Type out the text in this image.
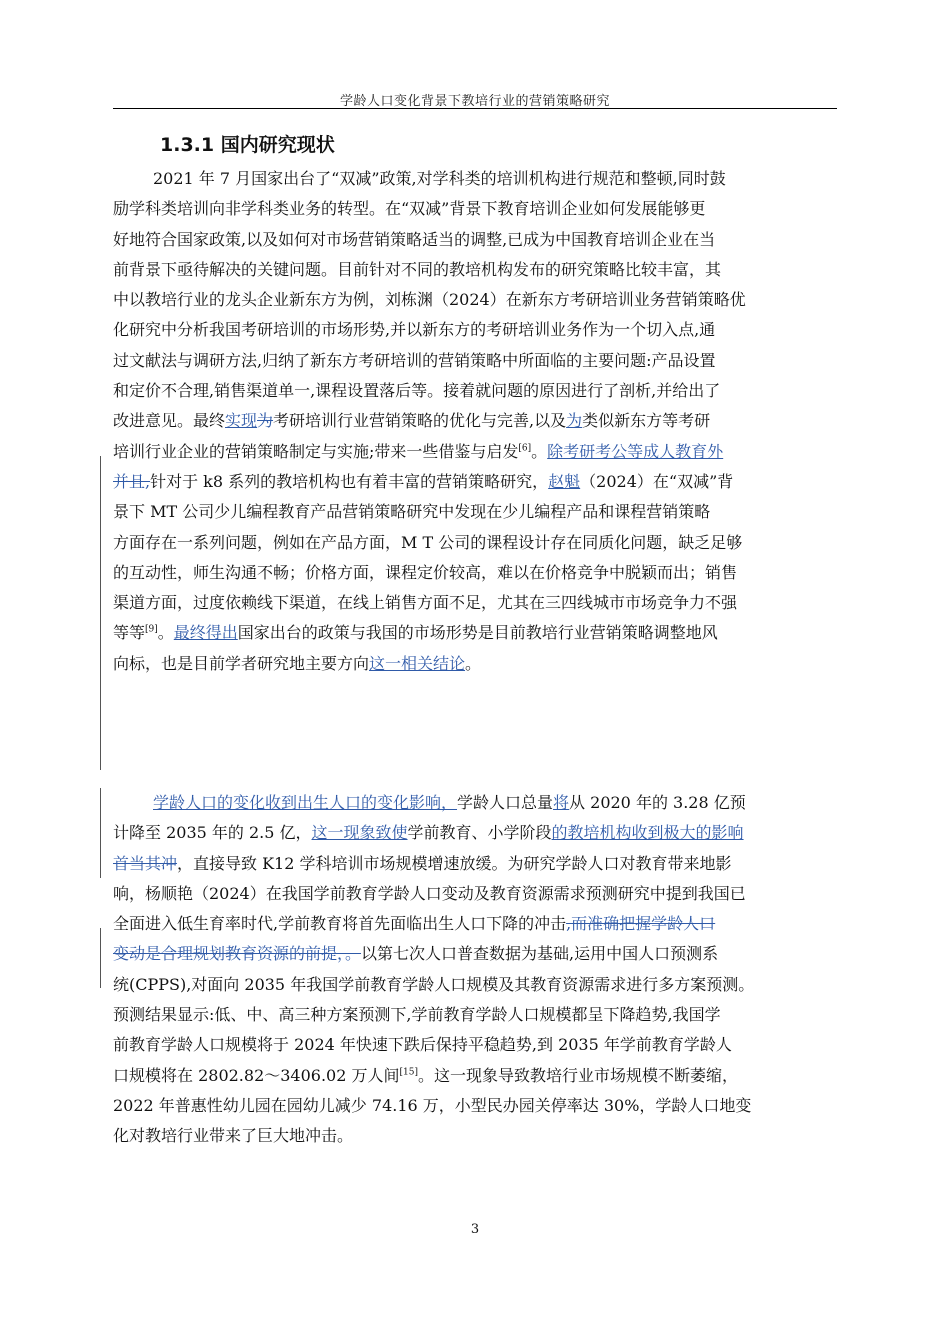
学龄人口变化背景下教培行业的营销策略研究
1.3.1 国内研究现状
2021 年 7 月国家出台了“双减”政策,对学科类的培训机构进行规范和整顿,同时鼓
励学科类培训向非学科类业务的转型。在“双减”背景下教育培训企业如何发展能够更
好地符合国家政策,以及如何对市场营销策略适当的调整,已成为中国教育培训企业在当
前背景下亟待解决的关键问题。目前针对不同的教培机构发布的研究策略比较丰富，其
中以教培行业的龙头企业新东方为例，刘栋渊（2024）在新东方考研培训业务营销策略优
化研究中分析我国考研培训的市场形势,并以新东方的考研培训业务作为一个切入点,通
过文献法与调研方法,归纳了新东方考研培训的营销策略中所面临的主要问题:产品设置
和定价不合理,销售渠道单一,课程设置落后等。接着就问题的原因进行了剖析,并给出了
改进意见。最终实现为考研培训行业营销策略的优化与完善,以及为类似新东方等考研
培训行业企业的营销策略制定与实施;带来一些借鉴与启发[6]。除考研考公等成人教育外
并且,针对于 k8 系列的教培机构也有着丰富的营销策略研究，赵魁（2024）在“双减”背
景下 MT 公司少儿编程教育产品营销策略研究中发现在少儿编程产品和课程营销策略
方面存在一系列问题，例如在产品方面，M T 公司的课程设计存在同质化问题，缺乏足够
的互动性，师生沟通不畅；价格方面，课程定价较高，难以在价格竞争中脱颖而出；销售
渠道方面，过度依赖线下渠道，在线上销售方面不足，尤其在三四线城市市场竞争力不强
等等[9]。最终得出国家出台的政策与我国的市场形势是目前教培行业营销策略调整地风
向标，也是目前学者研究地主要方向这一相关结论。
学龄人口的变化收到出生人口的变化影响，学龄人口总量将从 2020 年的 3.28 亿预
计降至 2035 年的 2.5 亿，这一现象致使学前教育、小学阶段的教培机构收到极大的影响
首当其冲，直接导致 K12 学科培训市场规模增速放缓。为研究学龄人口对教育带来地影
响，杨顺艳（2024）在我国学前教育学龄人口变动及教育资源需求预测研究中提到我国已
全面进入低生育率时代,学前教育将首先面临出生人口下降的冲击,而准确把握学龄人口
变动是合理规划教育资源的前提，。以第七次人口普查数据为基础,运用中国人口预测系
统(CPPS),对面向 2035 年我国学前教育学龄人口规模及其教育资源需求进行多方案预测。
预测结果显示:低、中、高三种方案预测下,学前教育学龄人口规模都呈下降趋势,我国学
前教育学龄人口规模将于 2024 年快速下跌后保持平稳趋势,到 2035 年学前教育学龄人
口规模将在 2802.82～3406.02 万人间[15]。这一现象导致教培行业市场规模不断萎缩，
2022 年普惠性幼儿园在园幼儿减少 74.16 万，小型民办园关停率达 30%，学龄人口地变
化对教培行业带来了巨大地冲击。
3
